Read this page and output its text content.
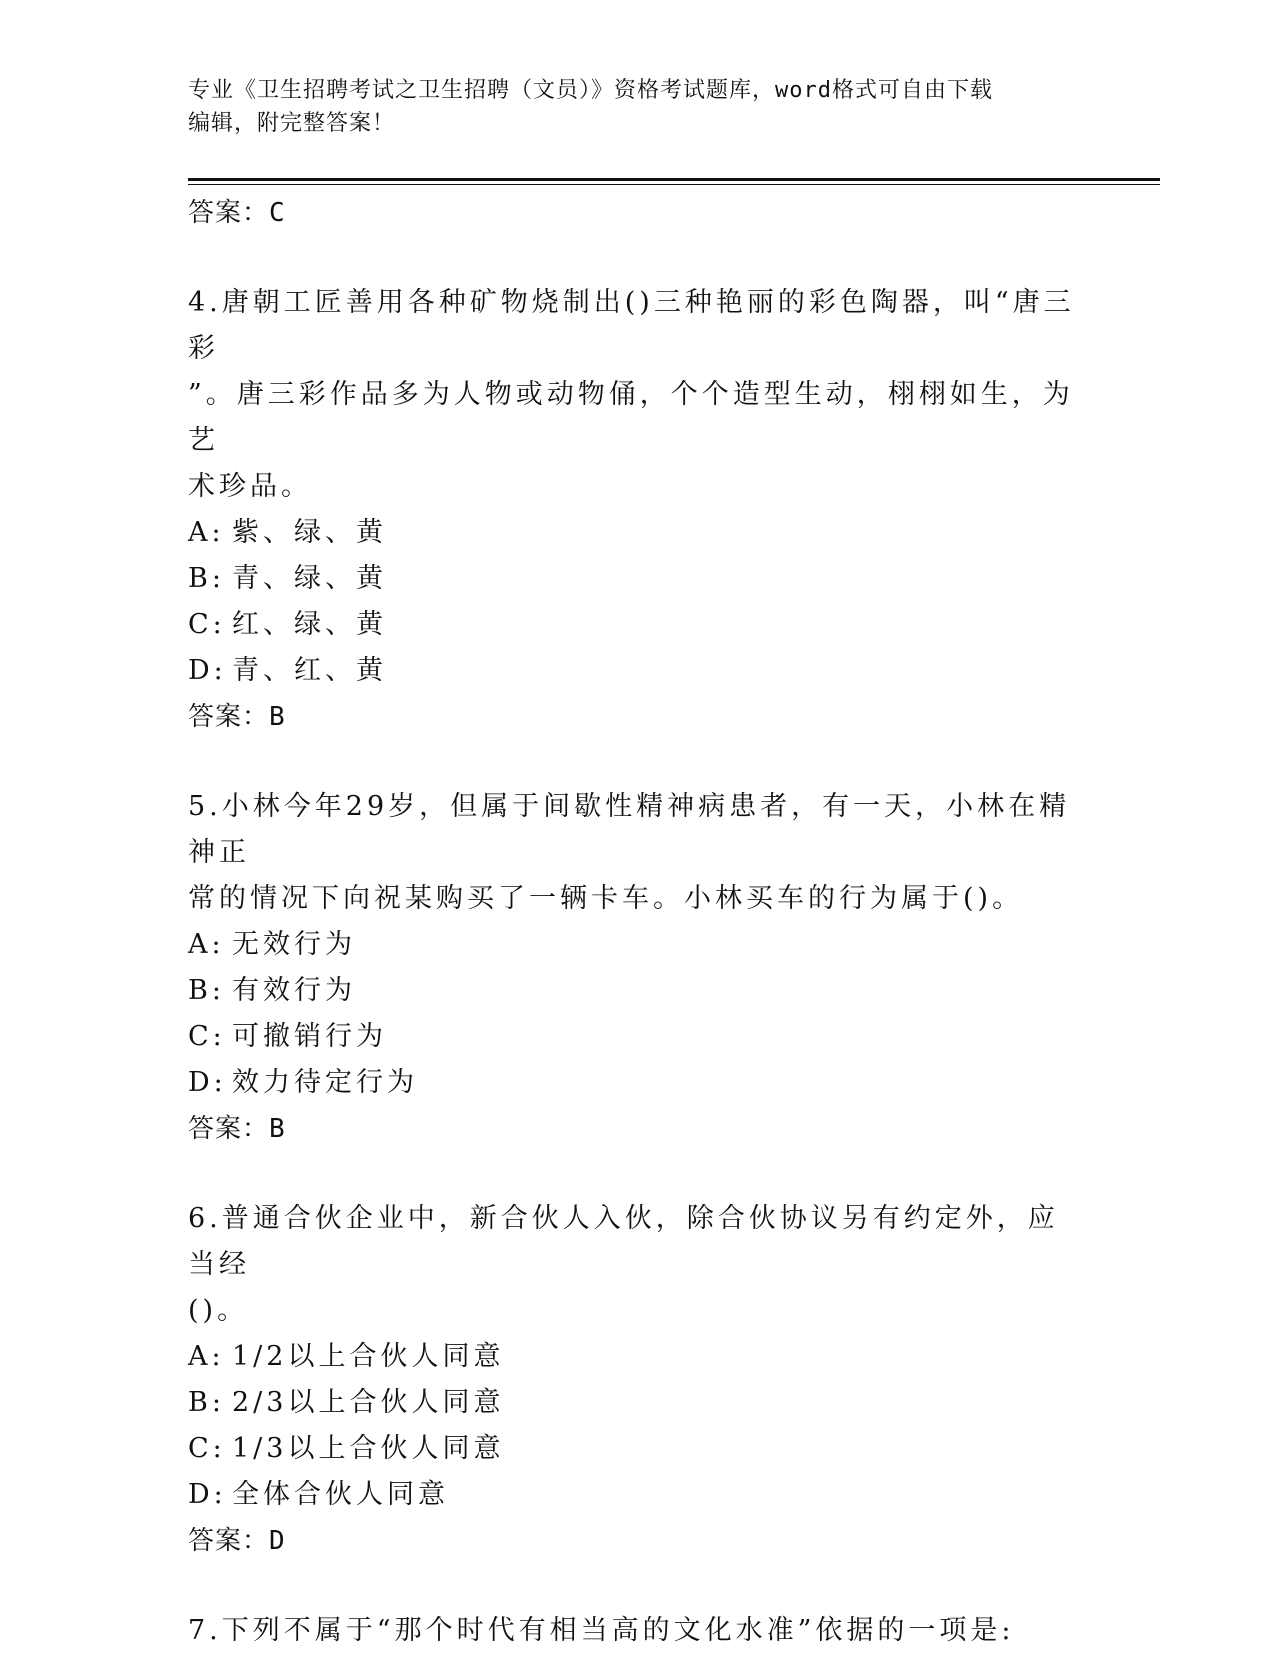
专业《卫生招聘考试之卫生招聘（文员）》资格考试题库，word格式可自由下载
编辑，附完整答案！
答案：C
4.唐朝工匠善用各种矿物烧制出()三种艳丽的彩色陶器，叫“唐三彩
”。唐三彩作品多为人物或动物俑，个个造型生动，栩栩如生，为艺
术珍品。
A: 紫、绿、黄
B: 青、绿、黄
C: 红、绿、黄
D: 青、红、黄
答案：B
5.小林今年29岁，但属于间歇性精神病患者，有一天，小林在精神正
常的情况下向祝某购买了一辆卡车。小林买车的行为属于()。
A: 无效行为
B: 有效行为
C: 可撤销行为
D: 效力待定行为
答案：B
6.普通合伙企业中，新合伙人入伙，除合伙协议另有约定外，应当经
()。
A: 1/2以上合伙人同意
B: 2/3以上合伙人同意
C: 1/3以上合伙人同意
D: 全体合伙人同意
答案：D
7.下列不属于“那个时代有相当高的文化水准”依据的一项是:
